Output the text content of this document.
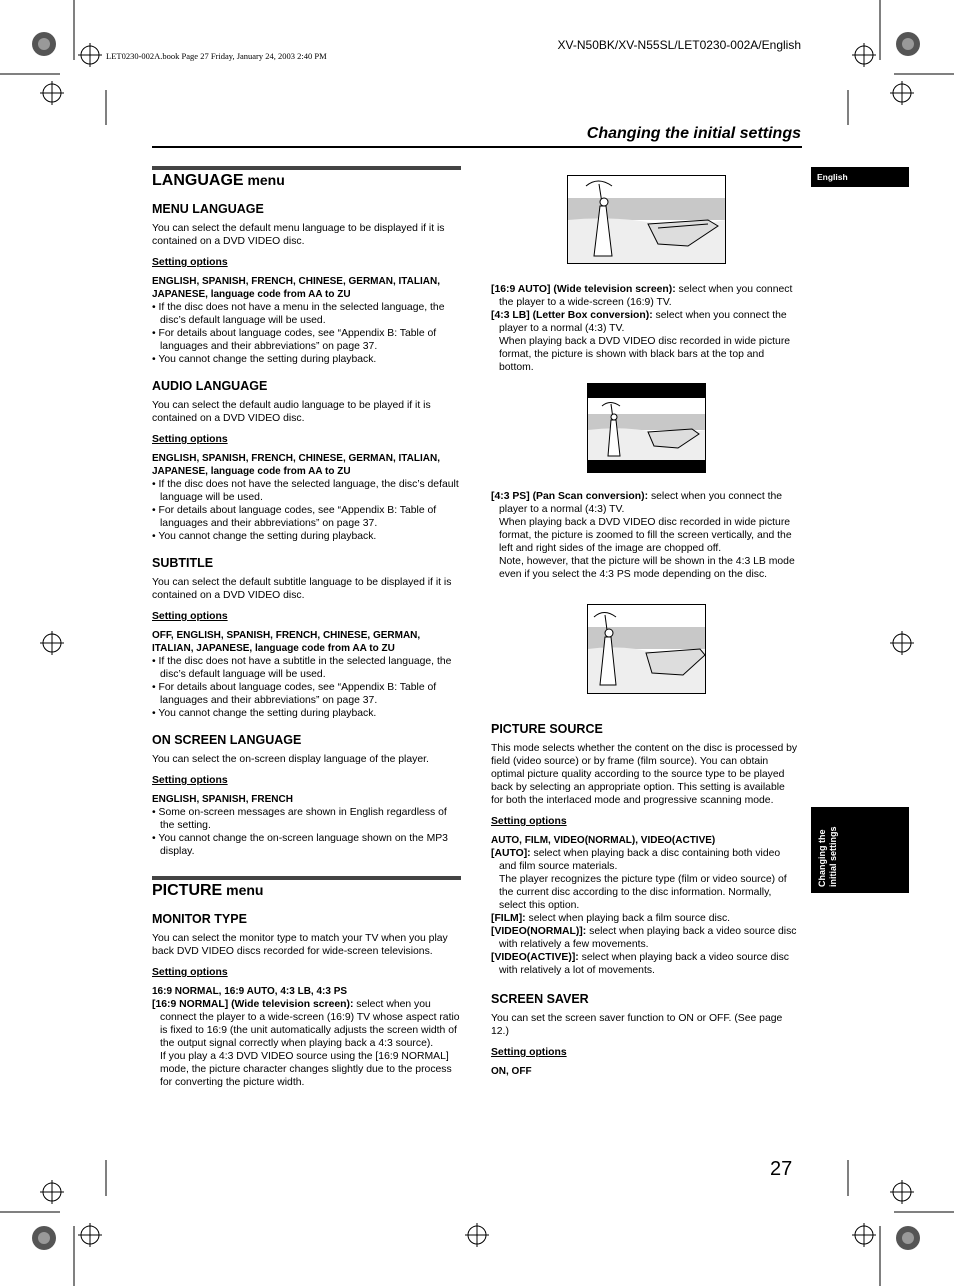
LET0230-002A.book Page 27 Friday, January 24, 2003 2:40 PM
XV-N50BK/XV-N55SL/LET0230-002A/English
Changing the initial settings
English
Changing the initial settings
LANGUAGE menu
MENU LANGUAGE

You can select the default menu language to be displayed if it is contained on a DVD VIDEO disc.

Setting options
ENGLISH, SPANISH, FRENCH, CHINESE, GERMAN, ITALIAN, JAPANESE, language code from AA to ZU
• If the disc does not have a menu in the selected language, the disc’s default language will be used.
• For details about language codes, see “Appendix B: Table of languages and their abbreviations” on page 37.
• You cannot change the setting during playback.
AUDIO LANGUAGE

You can select the default audio language to be played if it is contained on a DVD VIDEO disc.

Setting options
ENGLISH, SPANISH, FRENCH, CHINESE, GERMAN, ITALIAN, JAPANESE, language code from AA to ZU
• If the disc does not have the selected language, the disc’s default language will be used.
• For details about language codes, see “Appendix B: Table of languages and their abbreviations” on page 37.
• You cannot change the setting during playback.
SUBTITLE

You can select the default subtitle language to be displayed if it is contained on a DVD VIDEO disc.

Setting options
OFF, ENGLISH, SPANISH, FRENCH, CHINESE, GERMAN, ITALIAN, JAPANESE, language code from AA to ZU
• If the disc does not have a subtitle in the selected language, the disc’s default language will be used.
• For details about language codes, see “Appendix B: Table of languages and their abbreviations” on page 37.
• You cannot change the setting during playback.
ON SCREEN LANGUAGE

You can select the on-screen display language of the player.

Setting options
ENGLISH, SPANISH, FRENCH
• Some on-screen messages are shown in English regardless of the setting.
• You cannot change the on-screen language shown on the MP3 display.
PICTURE menu
MONITOR TYPE

You can select the monitor type to match your TV when you play back DVD VIDEO discs recorded for wide-screen televisions.

Setting options
16:9 NORMAL, 16:9 AUTO, 4:3 LB, 4:3 PS
[16:9 NORMAL] (Wide television screen): select when you connect the player to a wide-screen (16:9) TV whose aspect ratio is fixed to 16:9 (the unit automatically adjusts the screen width of the output signal correctly when playing back a 4:3 source).
If you play a 4:3 DVD VIDEO source using the [16:9 NORMAL] mode, the picture character changes slightly due to the process for converting the picture width.
[16:9 AUTO] (Wide television screen): select when you connect the player to a wide-screen (16:9) TV.
[4:3 LB] (Letter Box conversion): select when you connect the player to a normal (4:3) TV.
When playing back a DVD VIDEO disc recorded in wide picture format, the picture is shown with black bars at the top and bottom.
[4:3 PS] (Pan Scan conversion): select when you connect the player to a normal (4:3) TV.
When playing back a DVD VIDEO disc recorded in wide picture format, the picture is zoomed to fill the screen vertically, and the left and right sides of the image are chopped off.
Note, however, that the picture will be shown in the 4:3 LB mode even if you select the 4:3 PS mode depending on the disc.
PICTURE SOURCE

This mode selects whether the content on the disc is processed by field (video source) or by frame (film source). You can obtain optimal picture quality according to the source type to be played back by selecting an appropriate option. This setting is available for both the interlaced mode and progressive scanning mode.

Setting options
AUTO, FILM, VIDEO(NORMAL), VIDEO(ACTIVE)
[AUTO]: select when playing back a disc containing both video and film source materials.
The player recognizes the picture type (film or video source) of the current disc according to the disc information. Normally, select this option.
[FILM]: select when playing back a film source disc.
[VIDEO(NORMAL)]: select when playing back a video source disc with relatively a few movements.
[VIDEO(ACTIVE)]: select when playing back a video source disc with relatively a lot of movements.
SCREEN SAVER

You can set the screen saver function to ON or OFF. (See page 12.)

Setting options
ON, OFF
27
